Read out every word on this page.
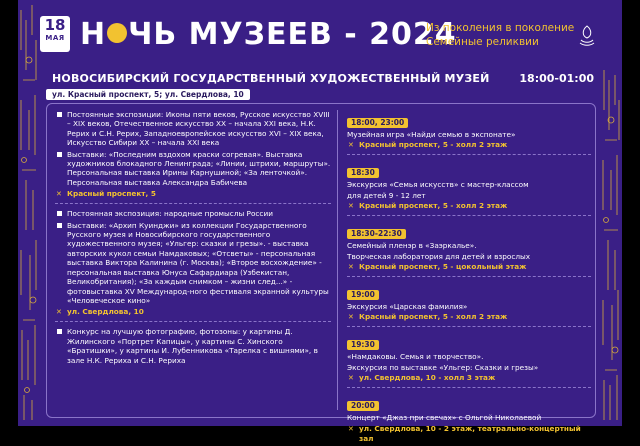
18
МАЯ Н ЧЬ МУЗЕЕВ - 2024
Из поколения в поколение
Семейные реликвии
НОВОСИБИРСКИЙ ГОСУДАРСТВЕННЫЙ ХУДОЖЕСТВЕННЫЙ МУЗЕЙ	18:00-01:00
ул. Красный проспект, 5; ул. Свердлова, 10
Постоянные экспозиции: Иконы пяти веков, Русское искусство XVIII – XIX веков, Отечественное искусство XX – начала XXI века, Н.К. Рерих и С.Н. Рерих, Западноевропейское искусство XVI – XIX века, Искусство Сибири XX – начала XXI века
Выставки: «Последним вздохом краски согревая». Выставка художников блокадного Ленинграда; «Линии, штрихи, маршруты». Персональная выставка Ирины Карнушиной; «За ленточкой». Персональная выставка Александра Бабичева
✕ Красный проспект, 5
Постоянная экспозиция: народные промыслы России
Выставки: «Архип Куинджи» из коллекции Государственного Русского музея и Новосибирского государственного художественного музея; «Ульгер: сказки и грезы». - выставка авторских кукол семьи Намдаковых; «Отсветы» - персональная выставка Виктора Калинина (г. Москва); «Второе восхождение» - персональная выставка Юнуса Сафардиара (Узбекистан, Великобритания); «За каждым снимком – жизни след...» - фотовыставка XV Международ-ного фестиваля экранной культуры «Человеческое кино»
✕ ул. Свердлова, 10
Конкурс на лучшую фотографию, фотозоны: у картины Д. Жилинского «Портрет Капицы», у картины С. Хинского «Братишки», у картины И. Лубенникова «Тарелка с вишнями», в зале Н.К. Рериха и С.Н. Рериха
18:00, 23:00
Музейная игра «Найди семью в экспонате»
✕ Красный проспект, 5 - холл 2 этаж
18:30
Экскурсия «Семья искусств» с мастер-классом
для детей 9 - 12 лет
✕ Красный проспект, 5 - холл 2 этаж
18:30-22:30
Семейный пленэр в «Заэркалье».
Творческая лаборатория для детей и взрослых
✕ Красный проспект, 5 - цокольный этаж
19:00
Экскурсия «Царская фамилия»
✕ Красный проспект, 5 - холл 2 этаж
19:30
«Намдаковы. Семья и творчество».
Экскурсия по выставке «Ульгер: Сказки и грезы»
✕ ул. Свердлова, 10 - холл 3 этаж
20:00
Концерт «Джаз при свечах» с Ольгой Николаевой
✕ ул. Свердлова, 10 - 2 этаж, театрально-концертный зал
